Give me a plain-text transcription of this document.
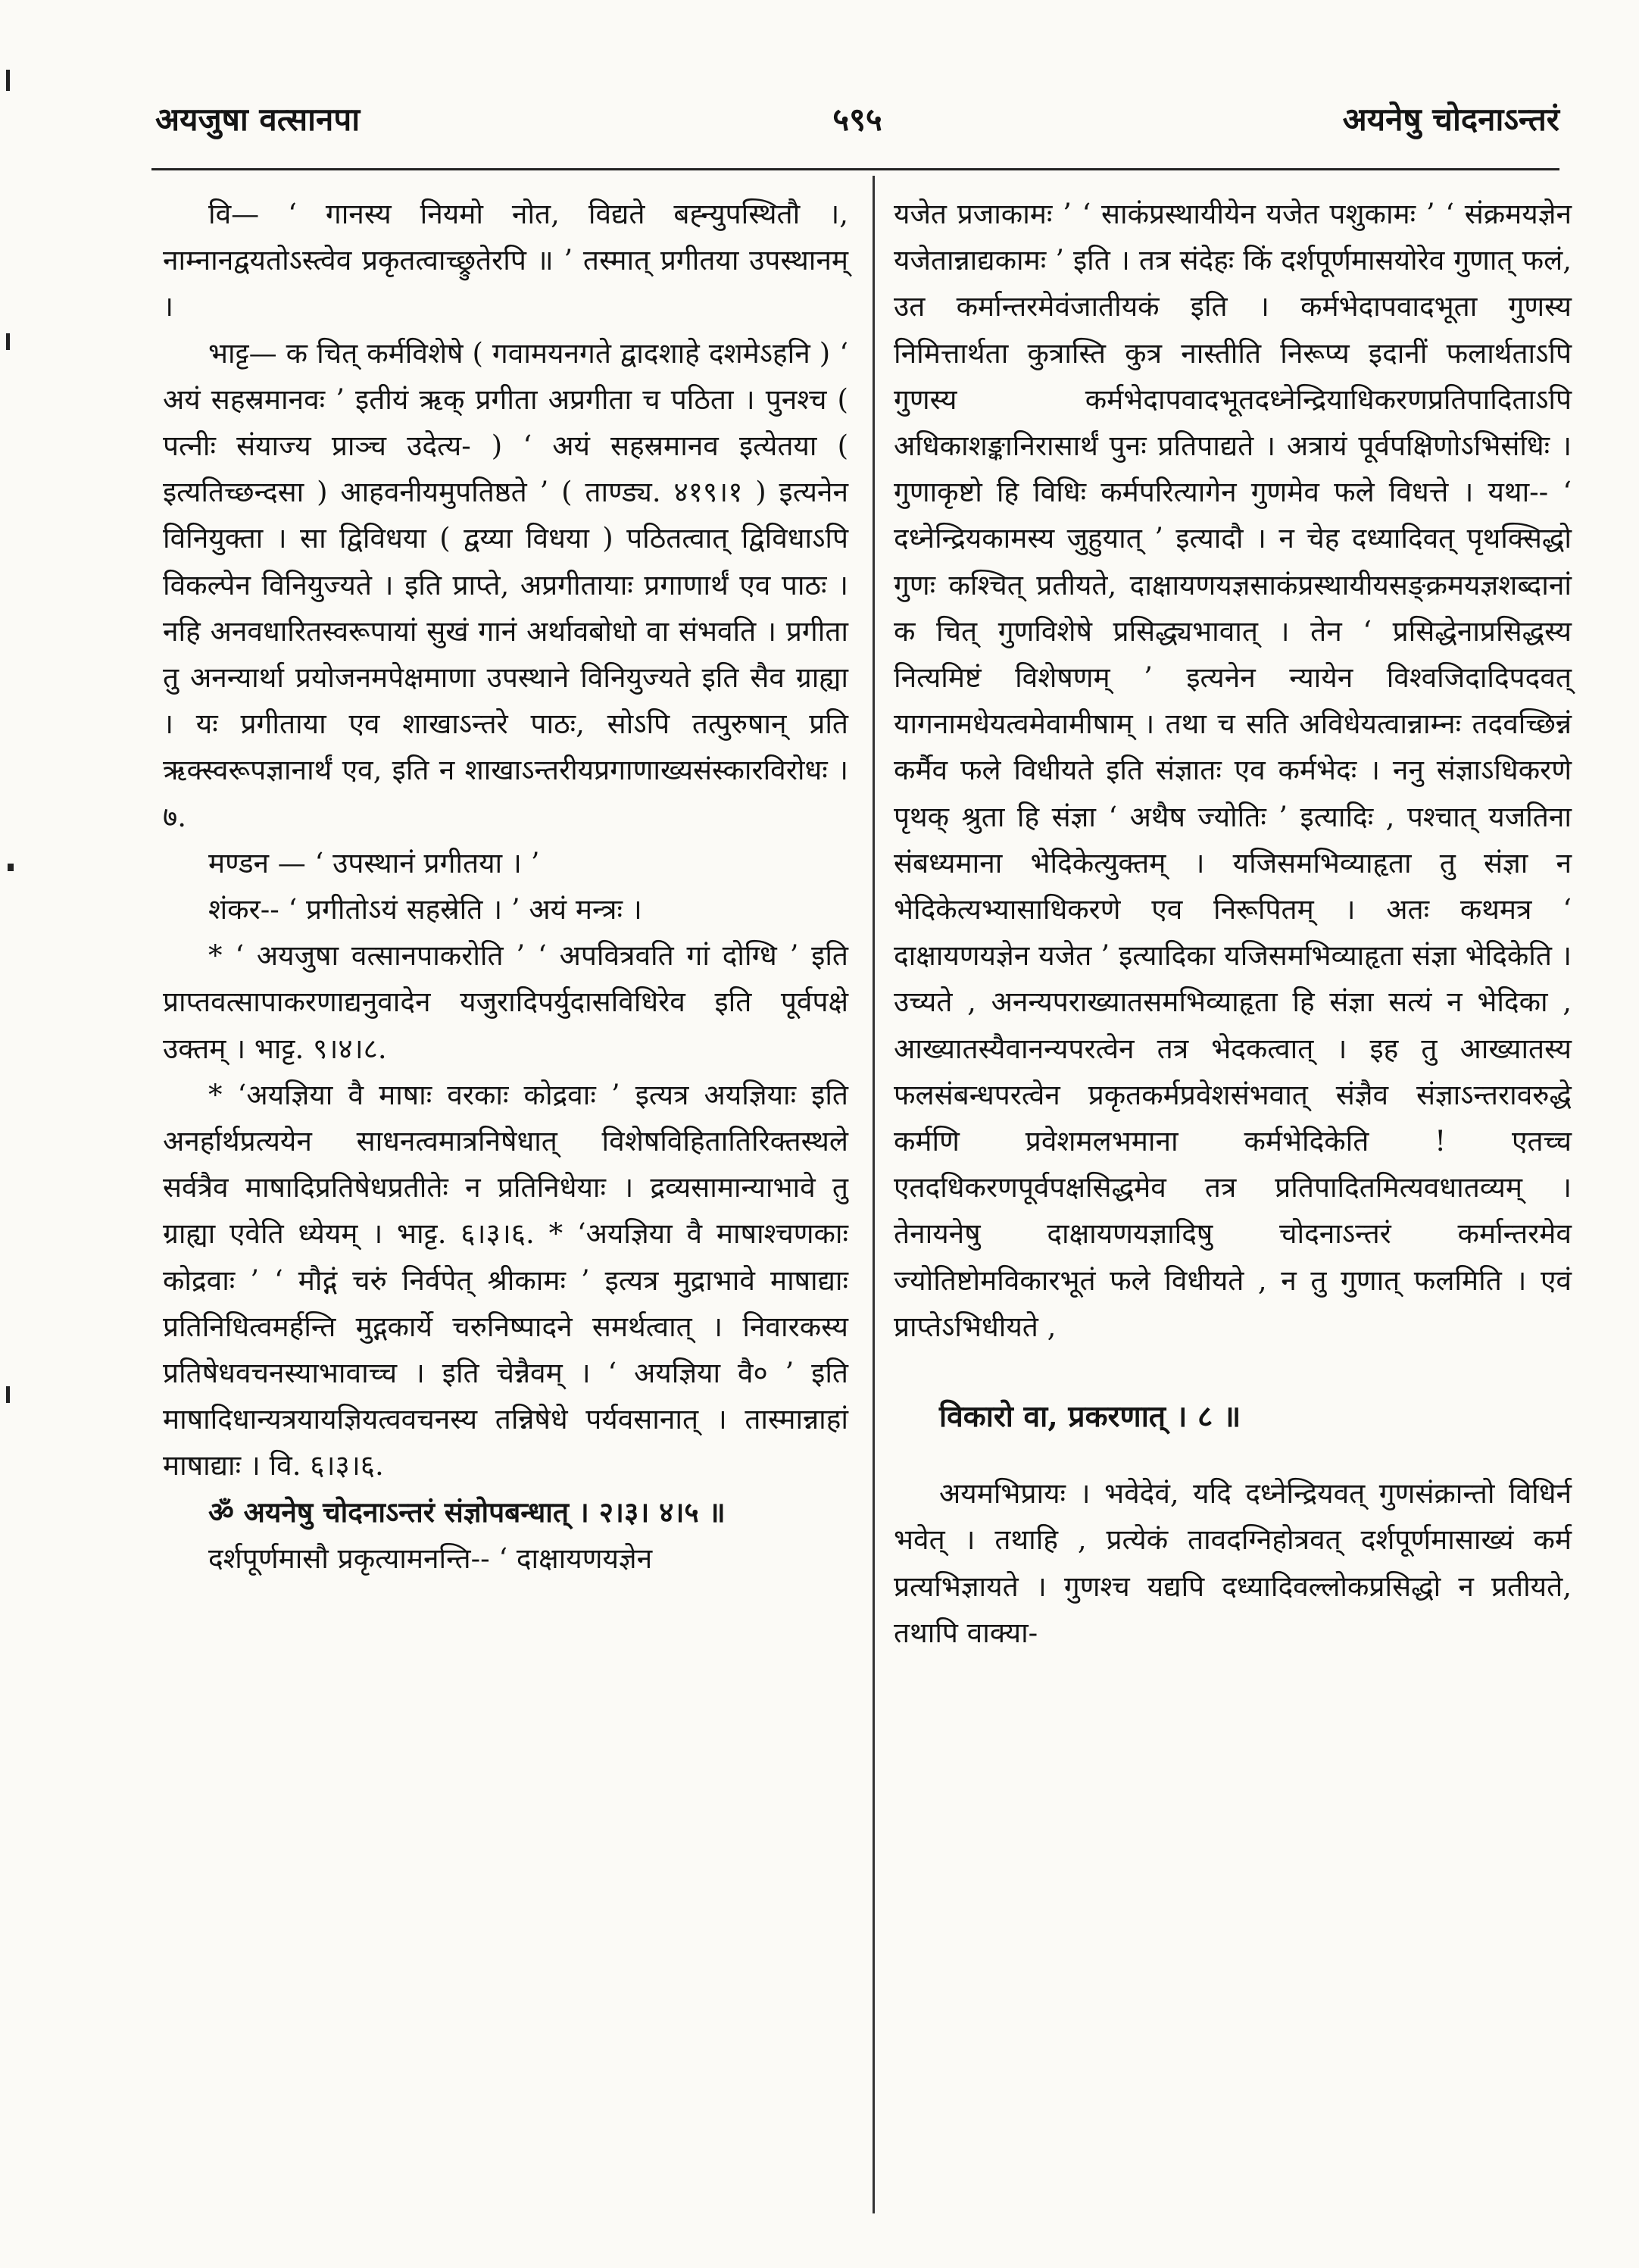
अयजुषा वत्सानपा	५९५	अयनेषु चोदनाऽन्तरं

वि— ‘ गानस्य नियमो नोत, विद्यते बह्न्युपस्थितौ ।, नाम्नानद्वयतोऽस्त्वेव प्रकृतत्वाच्छ्रुतेरपि ॥ ’ तस्मात् प्रगीतया उपस्थानम् ।

भाट्ट— क चित् कर्मविशेषे ( गवामयनगते द्वादशाहे दशमेऽहनि ) ‘ अयं सहस्रमानवः ’ इतीयं ऋक् प्रगीता अप्रगीता च पठिता । पुनश्च ( पत्नीः संयाज्य प्राञ्च उदेत्य- ) ‘ अयं सहस्रमानव इत्येतया ( इत्यतिच्छन्दसा ) आहवनीयमुपतिष्ठते ’ ( ताण्ड्य. ४१९।१ ) इत्यनेन विनियुक्ता । सा द्विविधया ( द्वय्या विधया ) पठितत्वात् द्विविधाऽपि विकल्पेन विनियुज्यते । इति प्राप्ते, अप्रगीतायाः प्रगाणार्थं एव पाठः । नहि अनवधारितस्वरूपायां सुखं गानं अर्थावबोधो वा संभवति । प्रगीता तु अनन्यार्था प्रयोजनमपेक्षमाणा उपस्थाने विनियुज्यते इति सैव ग्राह्या । यः प्रगीताया एव शाखाऽन्तरे पाठः, सोऽपि तत्पुरुषान् प्रति ऋक्स्वरूपज्ञानार्थं एव, इति न शाखाऽन्तरीयप्रगाणाख्यसंस्कारविरोधः । ७.

मण्डन — ‘ उपस्थानं प्रगीतया । ’

शंकर-- ‘ प्रगीतोऽयं सहस्रेति । ’ अयं मन्त्रः ।

* ‘ अयजुषा वत्सानपाकरोति ’ ‘ अपवित्रवति गां दोग्धि ’ इति प्राप्तवत्सापाकरणाद्यनुवादेन यजुरादिपर्युदासविधिरेव इति पूर्वपक्षे उक्तम् । भाट्ट. ९।४।८.

* ‘अयज्ञिया वै माषाः वरकाः कोद्रवाः ’ इत्यत्र अयज्ञियाः इति अनर्हार्थप्रत्ययेन साधनत्वमात्रनिषेधात् विशेषविहितातिरिक्तस्थले सर्वत्रैव माषादिप्रतिषेधप्रतीतेः न प्रतिनिधेयाः । द्रव्यसामान्याभावे तु ग्राह्या एवेति ध्येयम् । भाट्ट. ६।३।६. * ‘अयज्ञिया वै माषाश्चणकाः कोद्रवाः ’ ‘ मौद्गं चरुं निर्वपेत् श्रीकामः ’ इत्यत्र मुद्राभावे माषाद्याः प्रतिनिधित्वमर्हन्ति मुद्गकार्ये चरुनिष्पादने समर्थत्वात् । निवारकस्य प्रतिषेधवचनस्याभावाच्च । इति चेन्नैवम् । ‘ अयज्ञिया वै० ’ इति माषादिधान्यत्रयायज्ञियत्ववचनस्य तन्निषेधे पर्यवसानात् । तास्मान्नाहां माषाद्याः । वि. ६।३।६.

ॐ अयनेषु चोदनाऽन्तरं संज्ञोपबन्धात् । २।३। ४।५ ॥

दर्शपूर्णमासौ प्रकृत्यामनन्ति-- ‘ दाक्षायणयज्ञेन

यजेत प्रजाकामः ’ ‘ साकंप्रस्थायीयेन यजेत पशुकामः ’ ‘ संक्रमयज्ञेन यजेतान्नाद्यकामः ’ इति । तत्र संदेहः किं दर्शपूर्णमासयोरेव गुणात् फलं, उत कर्मान्तरमेवंजातीयकं इति । कर्मभेदापवादभूता गुणस्य निमित्तार्थता कुत्रास्ति कुत्र नास्तीति निरूप्य इदानीं फलार्थताऽपि गुणस्य कर्मभेदापवादभूतदध्नेन्द्रियाधिकरणप्रतिपादिताऽपि अधिकाशङ्कानिरासार्थं पुनः प्रतिपाद्यते । अत्रायं पूर्वपक्षिणोऽभिसंधिः । गुणाकृष्टो हि विधिः कर्मपरित्यागेन गुणमेव फले विधत्ते । यथा-- ‘ दध्नेन्द्रियकामस्य जुहुयात् ’ इत्यादौ । न चेह दध्यादिवत् पृथक्सिद्धो गुणः कश्चित् प्रतीयते, दाक्षायणयज्ञसाकंप्रस्थायीयसङ्क्रमयज्ञशब्दानां क चित् गुणविशेषे प्रसिद्ध्यभावात् । तेन ‘ प्रसिद्धेनाप्रसिद्धस्य नित्यमिष्टं विशेषणम् ’ इत्यनेन न्यायेन विश्वजिदादिपदवत् यागनामधेयत्वमेवामीषाम् । तथा च सति अविधेयत्वान्नाम्नः तदवच्छिन्नं कर्मैव फले विधीयते इति संज्ञातः एव कर्मभेदः । ननु संज्ञाऽधिकरणे पृथक् श्रुता हि संज्ञा ‘ अथैष ज्योतिः ’ इत्यादिः , पश्चात् यजतिना संबध्यमाना भेदिकेत्युक्तम् । यजिसमभिव्याहृता तु संज्ञा न भेदिकेत्यभ्यासाधिकरणे एव निरूपितम् । अतः कथमत्र ‘ दाक्षायणयज्ञेन यजेत ’ इत्यादिका यजिसमभिव्याहृता संज्ञा भेदिकेति । उच्यते , अनन्यपराख्यातसमभिव्याहृता हि संज्ञा सत्यं न भेदिका , आख्यातस्यैवानन्यपरत्वेन तत्र भेदकत्वात् । इह तु आख्यातस्य फलसंबन्धपरत्वेन प्रकृतकर्मप्रवेशसंभवात् संज्ञैव संज्ञाऽन्तरावरुद्धे कर्मणि प्रवेशमलभमाना कर्मभेदिकेति ! एतच्च एतदधिकरणपूर्वपक्षसिद्धमेव तत्र प्रतिपादितमित्यवधातव्यम् । तेनायनेषु दाक्षायणयज्ञादिषु चोदनाऽन्तरं कर्मान्तरमेव ज्योतिष्टोमविकारभूतं फले विधीयते , न तु गुणात् फलमिति । एवं प्राप्तेऽभिधीयते ,

विकारो वा, प्रकरणात् । ८ ॥

अयमभिप्रायः । भवेदेवं, यदि दध्नेन्द्रियवत् गुणसंक्रान्तो विधिर्न भवेत् । तथाहि , प्रत्येकं तावदग्निहोत्रवत् दर्शपूर्णमासाख्यं कर्म प्रत्यभिज्ञायते । गुणश्च यद्यपि दध्यादिवल्लोकप्रसिद्धो न प्रतीयते, तथापि वाक्या-
